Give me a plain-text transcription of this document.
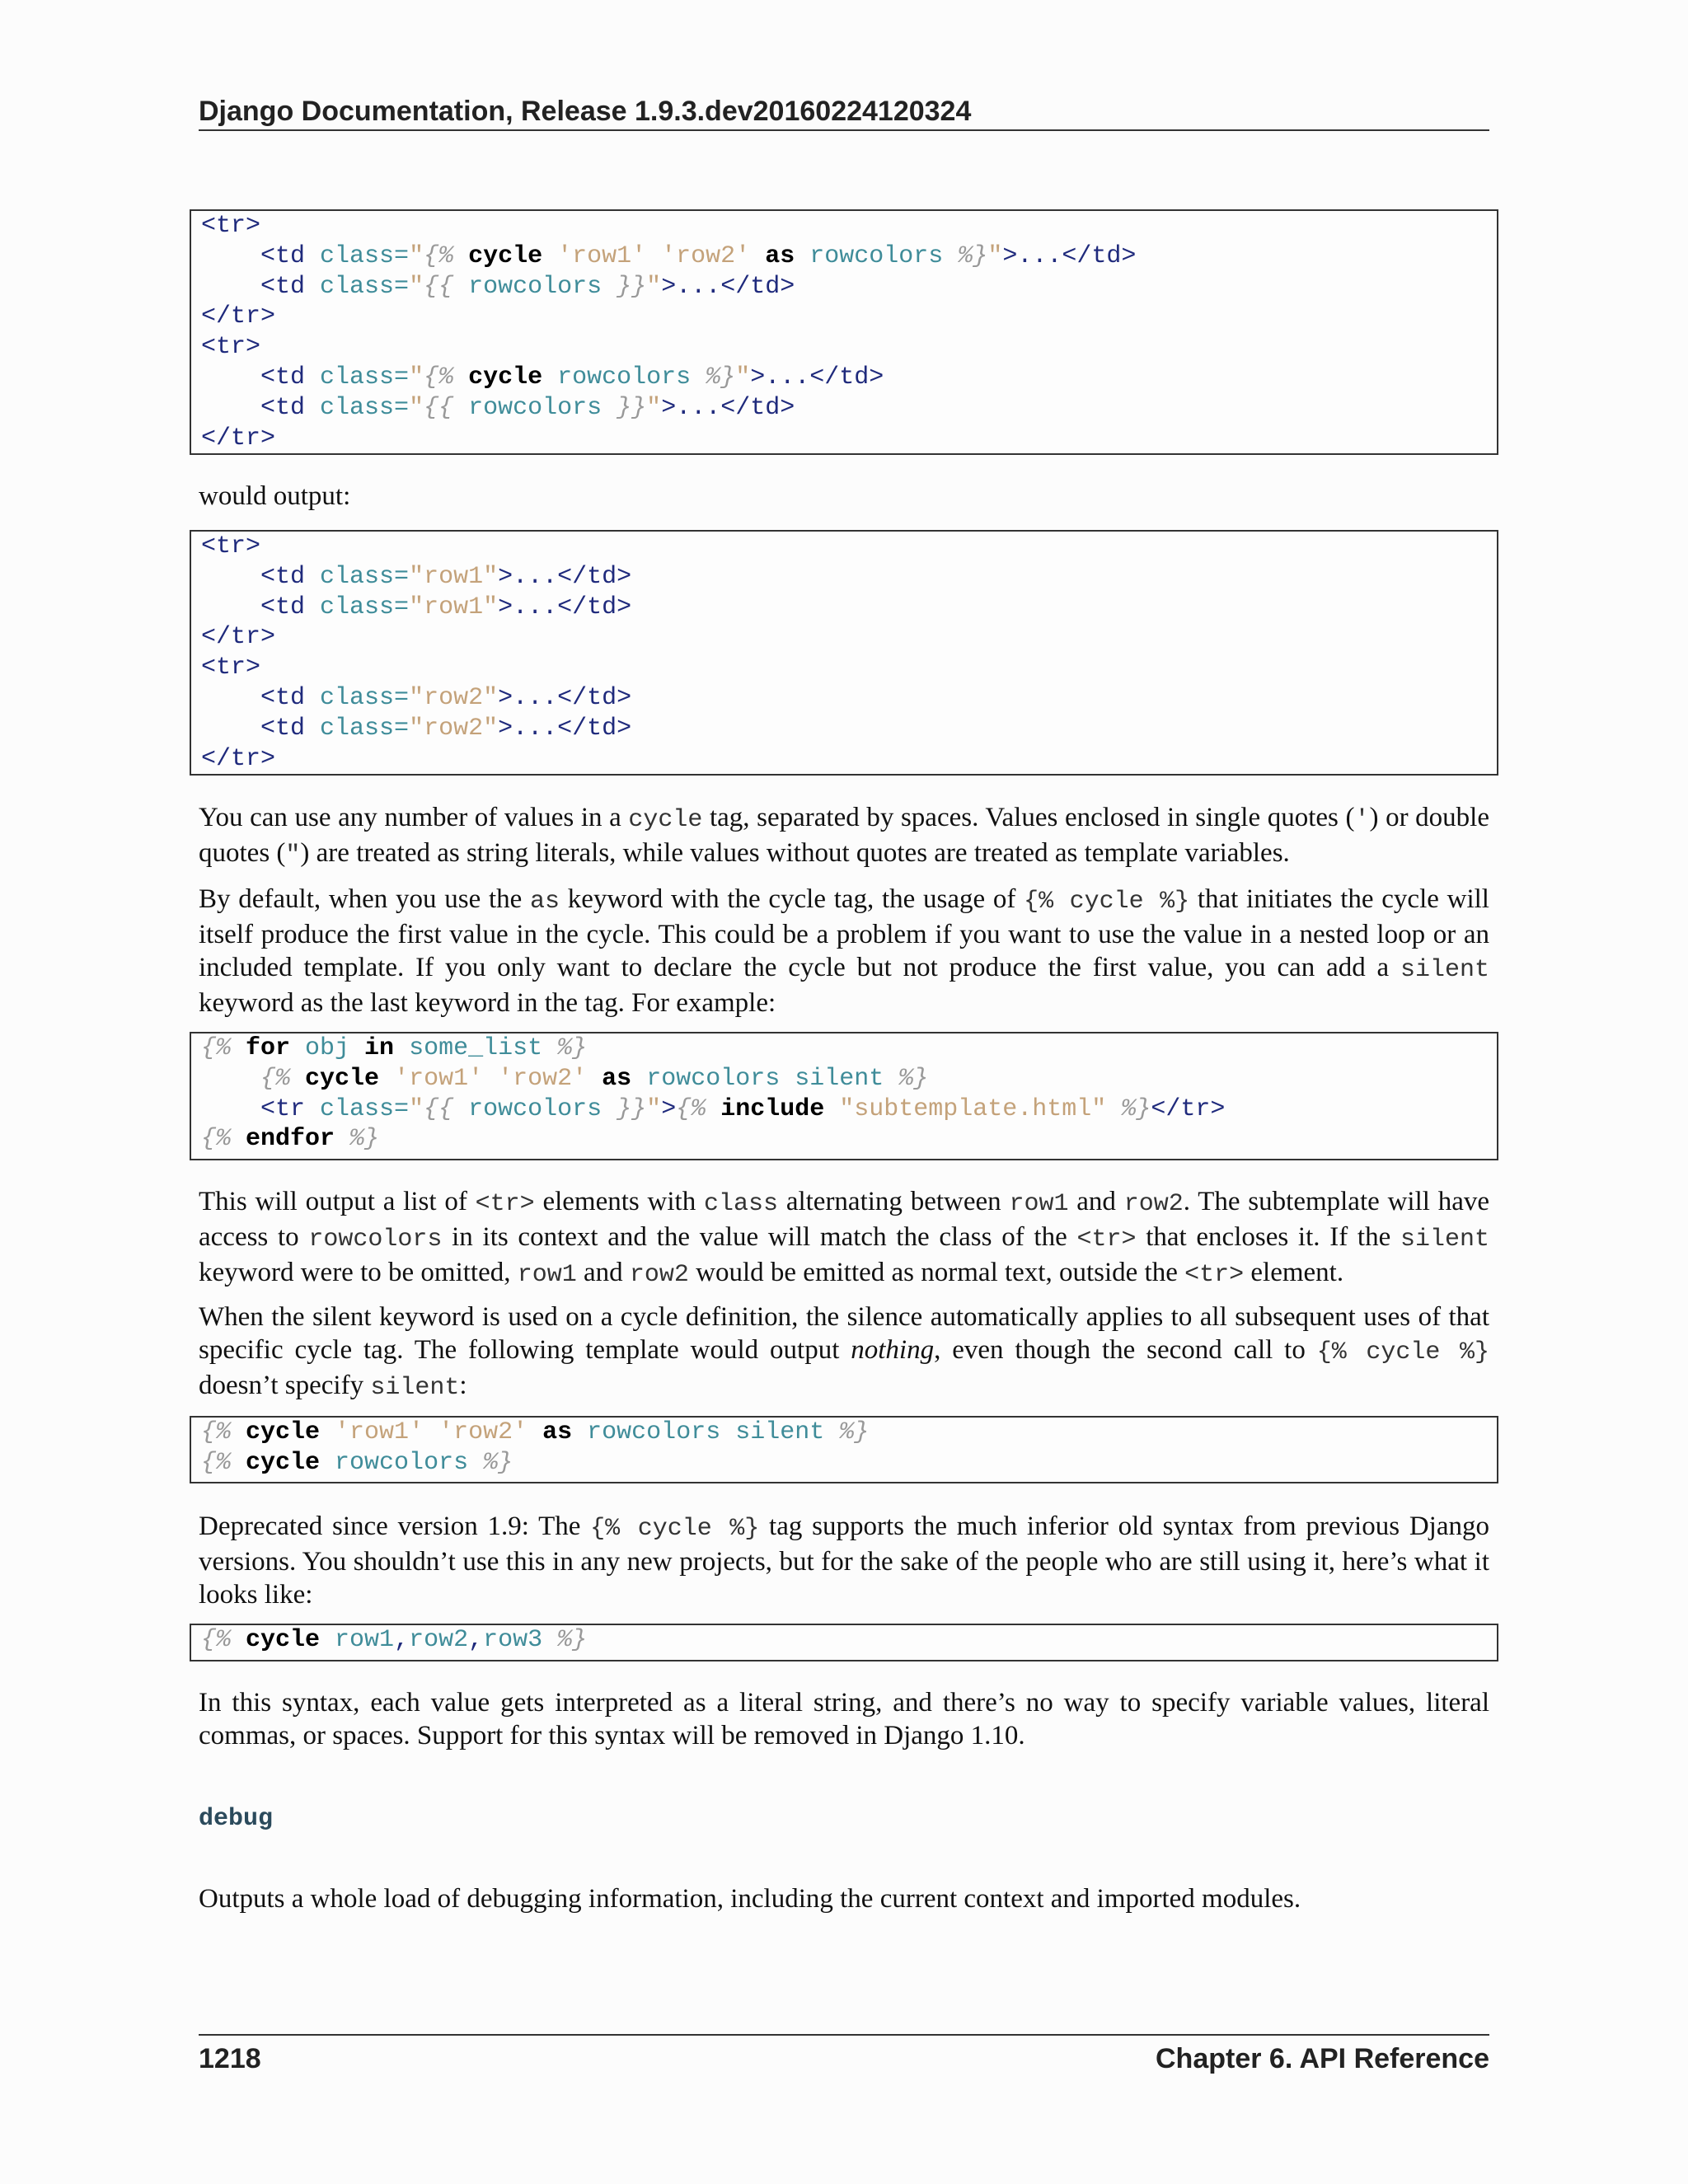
Django Documentation, Release 1.9.3.dev20160224120324
<tr>
<td class="{% cycle 'row1' 'row2' as rowcolors %}">...</td>
<td class="{{ rowcolors }}">...</td>
</tr>
<tr>
<td class="{% cycle rowcolors %}">...</td>
<td class="{{ rowcolors }}">...</td>
</tr>
would output:
<tr>
<td class="row1">...</td>
<td class="row1">...</td>
</tr>
<tr>
<td class="row2">...</td>
<td class="row2">...</td>
</tr>
You can use any number of values in a cycle tag, separated by spaces. Values enclosed in single quotes (') or double quotes (") are treated as string literals, while values without quotes are treated as template variables.
By default, when you use the as keyword with the cycle tag, the usage of {% cycle %} that initiates the cycle will itself produce the first value in the cycle. This could be a problem if you want to use the value in a nested loop or an included template. If you only want to declare the cycle but not produce the first value, you can add a silent keyword as the last keyword in the tag. For example:
{% for obj in some_list %}
{% cycle 'row1' 'row2' as rowcolors silent %}
<tr class="{{ rowcolors }}">{% include "subtemplate.html" %}</tr>
{% endfor %}
This will output a list of <tr> elements with class alternating between row1 and row2. The subtemplate will have access to rowcolors in its context and the value will match the class of the <tr> that encloses it. If the silent keyword were to be omitted, row1 and row2 would be emitted as normal text, outside the <tr> element.
When the silent keyword is used on a cycle definition, the silence automatically applies to all subsequent uses of that specific cycle tag. The following template would output nothing, even though the second call to {% cycle %} doesn’t specify silent:
{% cycle 'row1' 'row2' as rowcolors silent %}
{% cycle rowcolors %}
Deprecated since version 1.9: The {% cycle %} tag supports the much inferior old syntax from previous Django versions. You shouldn’t use this in any new projects, but for the sake of the people who are still using it, here’s what it looks like:
{% cycle row1,row2,row3 %}
In this syntax, each value gets interpreted as a literal string, and there’s no way to specify variable values, literal commas, or spaces. Support for this syntax will be removed in Django 1.10.
debug
Outputs a whole load of debugging information, including the current context and imported modules.
1218	Chapter 6. API Reference
